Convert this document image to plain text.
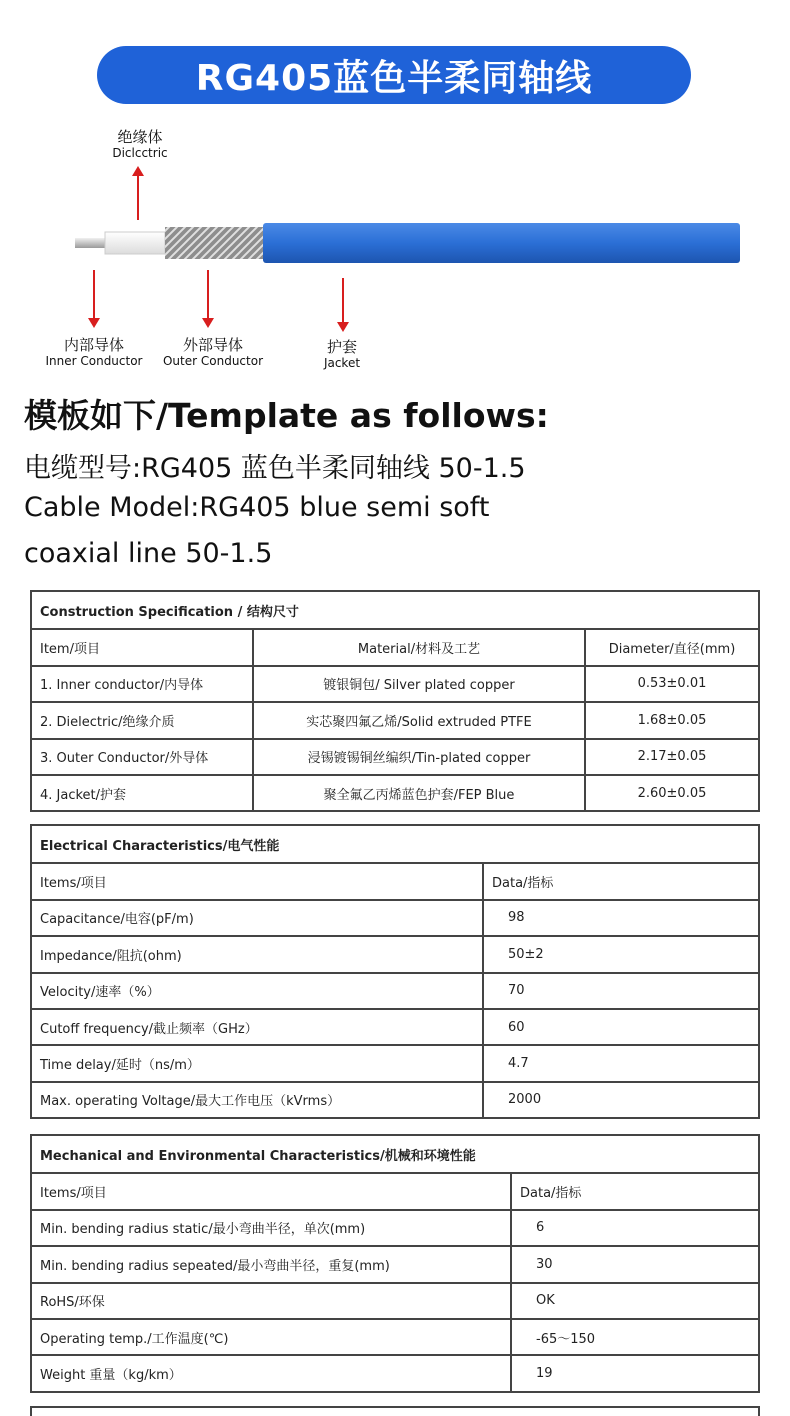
RG405蓝色半柔同轴线
绝缘体
Diclcctric
内部导体
Inner Conductor
外部导体
Outer Conductor
护套
Jacket
模板如下/Template as follows:
电缆型号:RG405 蓝色半柔同轴线 50-1.5
Cable Model:RG405 blue semi soft
coaxial line 50-1.5
Construction Specification / 结构尺寸
Item/项目	Material/材料及工艺	Diameter/直径(mm)
1. Inner conductor/内导体	镀银铜包/ Silver plated copper	0.53±0.01
2. Dielectric/绝缘介质	实芯聚四氟乙烯/Solid extruded PTFE	1.68±0.05
3. Outer Conductor/外导体	浸锡镀锡铜丝编织/Tin-plated copper	2.17±0.05
4. Jacket/护套	聚全氟乙丙烯蓝色护套/FEP Blue	2.60±0.05
Electrical Characteristics/电气性能
Items/项目	Data/指标
Capacitance/电容(pF/m)	98
Impedance/阻抗(ohm)	50±2
Velocity/速率（%）	70
Cutoff frequency/截止频率（GHz）	60
Time delay/延时（ns/m）	4.7
Max. operating Voltage/最大工作电压（kVrms）	2000
Mechanical and Environmental Characteristics/机械和环境性能
Items/项目	Data/指标
Min. bending radius static/最小弯曲半径，单次(mm)	6
Min. bending radius sepeated/最小弯曲半径，重复(mm)	30
RoHS/环保	OK
Operating temp./工作温度(℃)	-65～150
Weight 重量（kg/km）	19
